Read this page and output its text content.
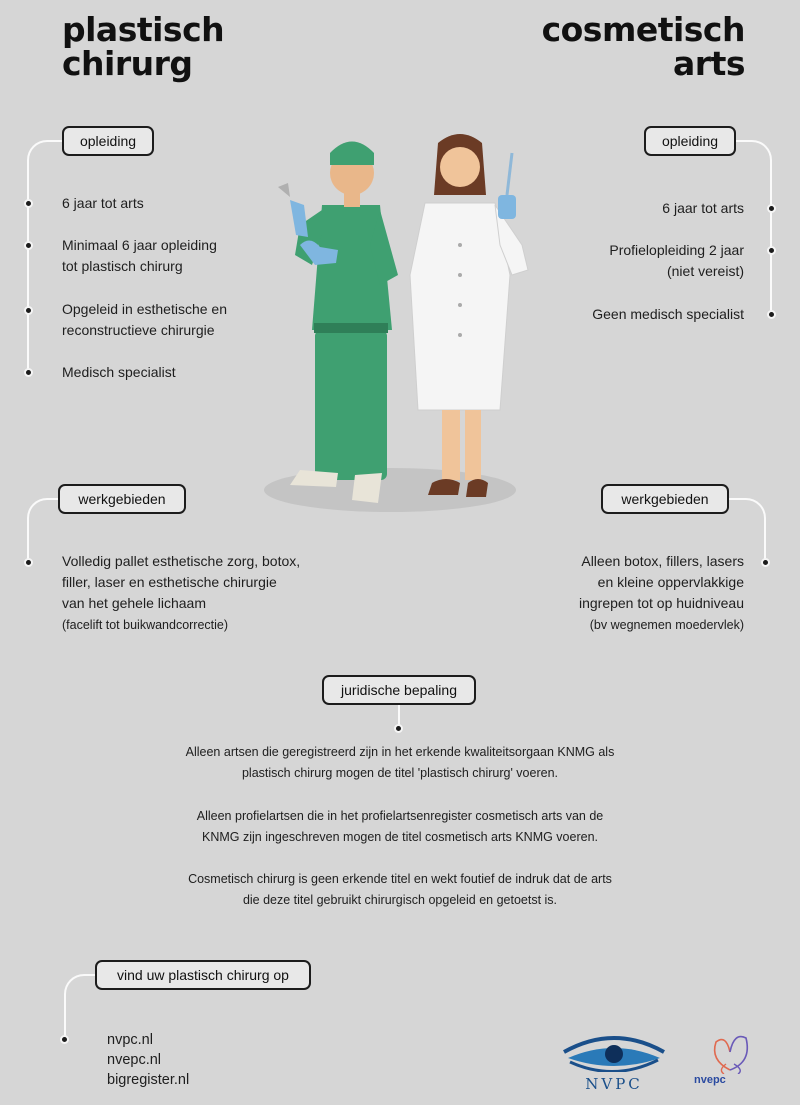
plastisch
chirurg
cosmetisch
arts
opleiding
6 jaar tot arts
Minimaal 6 jaar opleiding
tot plastisch chirurg
Opgeleid in esthetische en
reconstructieve chirurgie
Medisch specialist
opleiding
6 jaar tot arts
Profielopleiding 2 jaar
(niet vereist)
Geen medisch specialist
werkgebieden
Volledig pallet esthetische zorg, botox,
filler, laser en esthetische chirurgie
van het gehele lichaam
(facelift tot buikwandcorrectie)
werkgebieden
Alleen botox, fillers, lasers
en kleine oppervlakkige
ingrepen tot op huidniveau
(bv wegnemen moedervlek)
juridische bepaling
Alleen artsen die geregistreerd zijn in het erkende kwaliteitsorgaan KNMG als
plastisch chirurg mogen de titel 'plastisch chirurg' voeren.
Alleen profielartsen die in het profielartsenregister cosmetisch arts van de
KNMG zijn ingeschreven mogen de titel cosmetisch arts KNMG voeren.
Cosmetisch chirurg is geen erkende titel en wekt foutief de indruk dat de arts
die deze titel gebruikt chirurgisch opgeleid en getoetst is.
vind uw plastisch chirurg op
nvpc.nl
nvepc.nl
bigregister.nl	NVPC	nvepc
